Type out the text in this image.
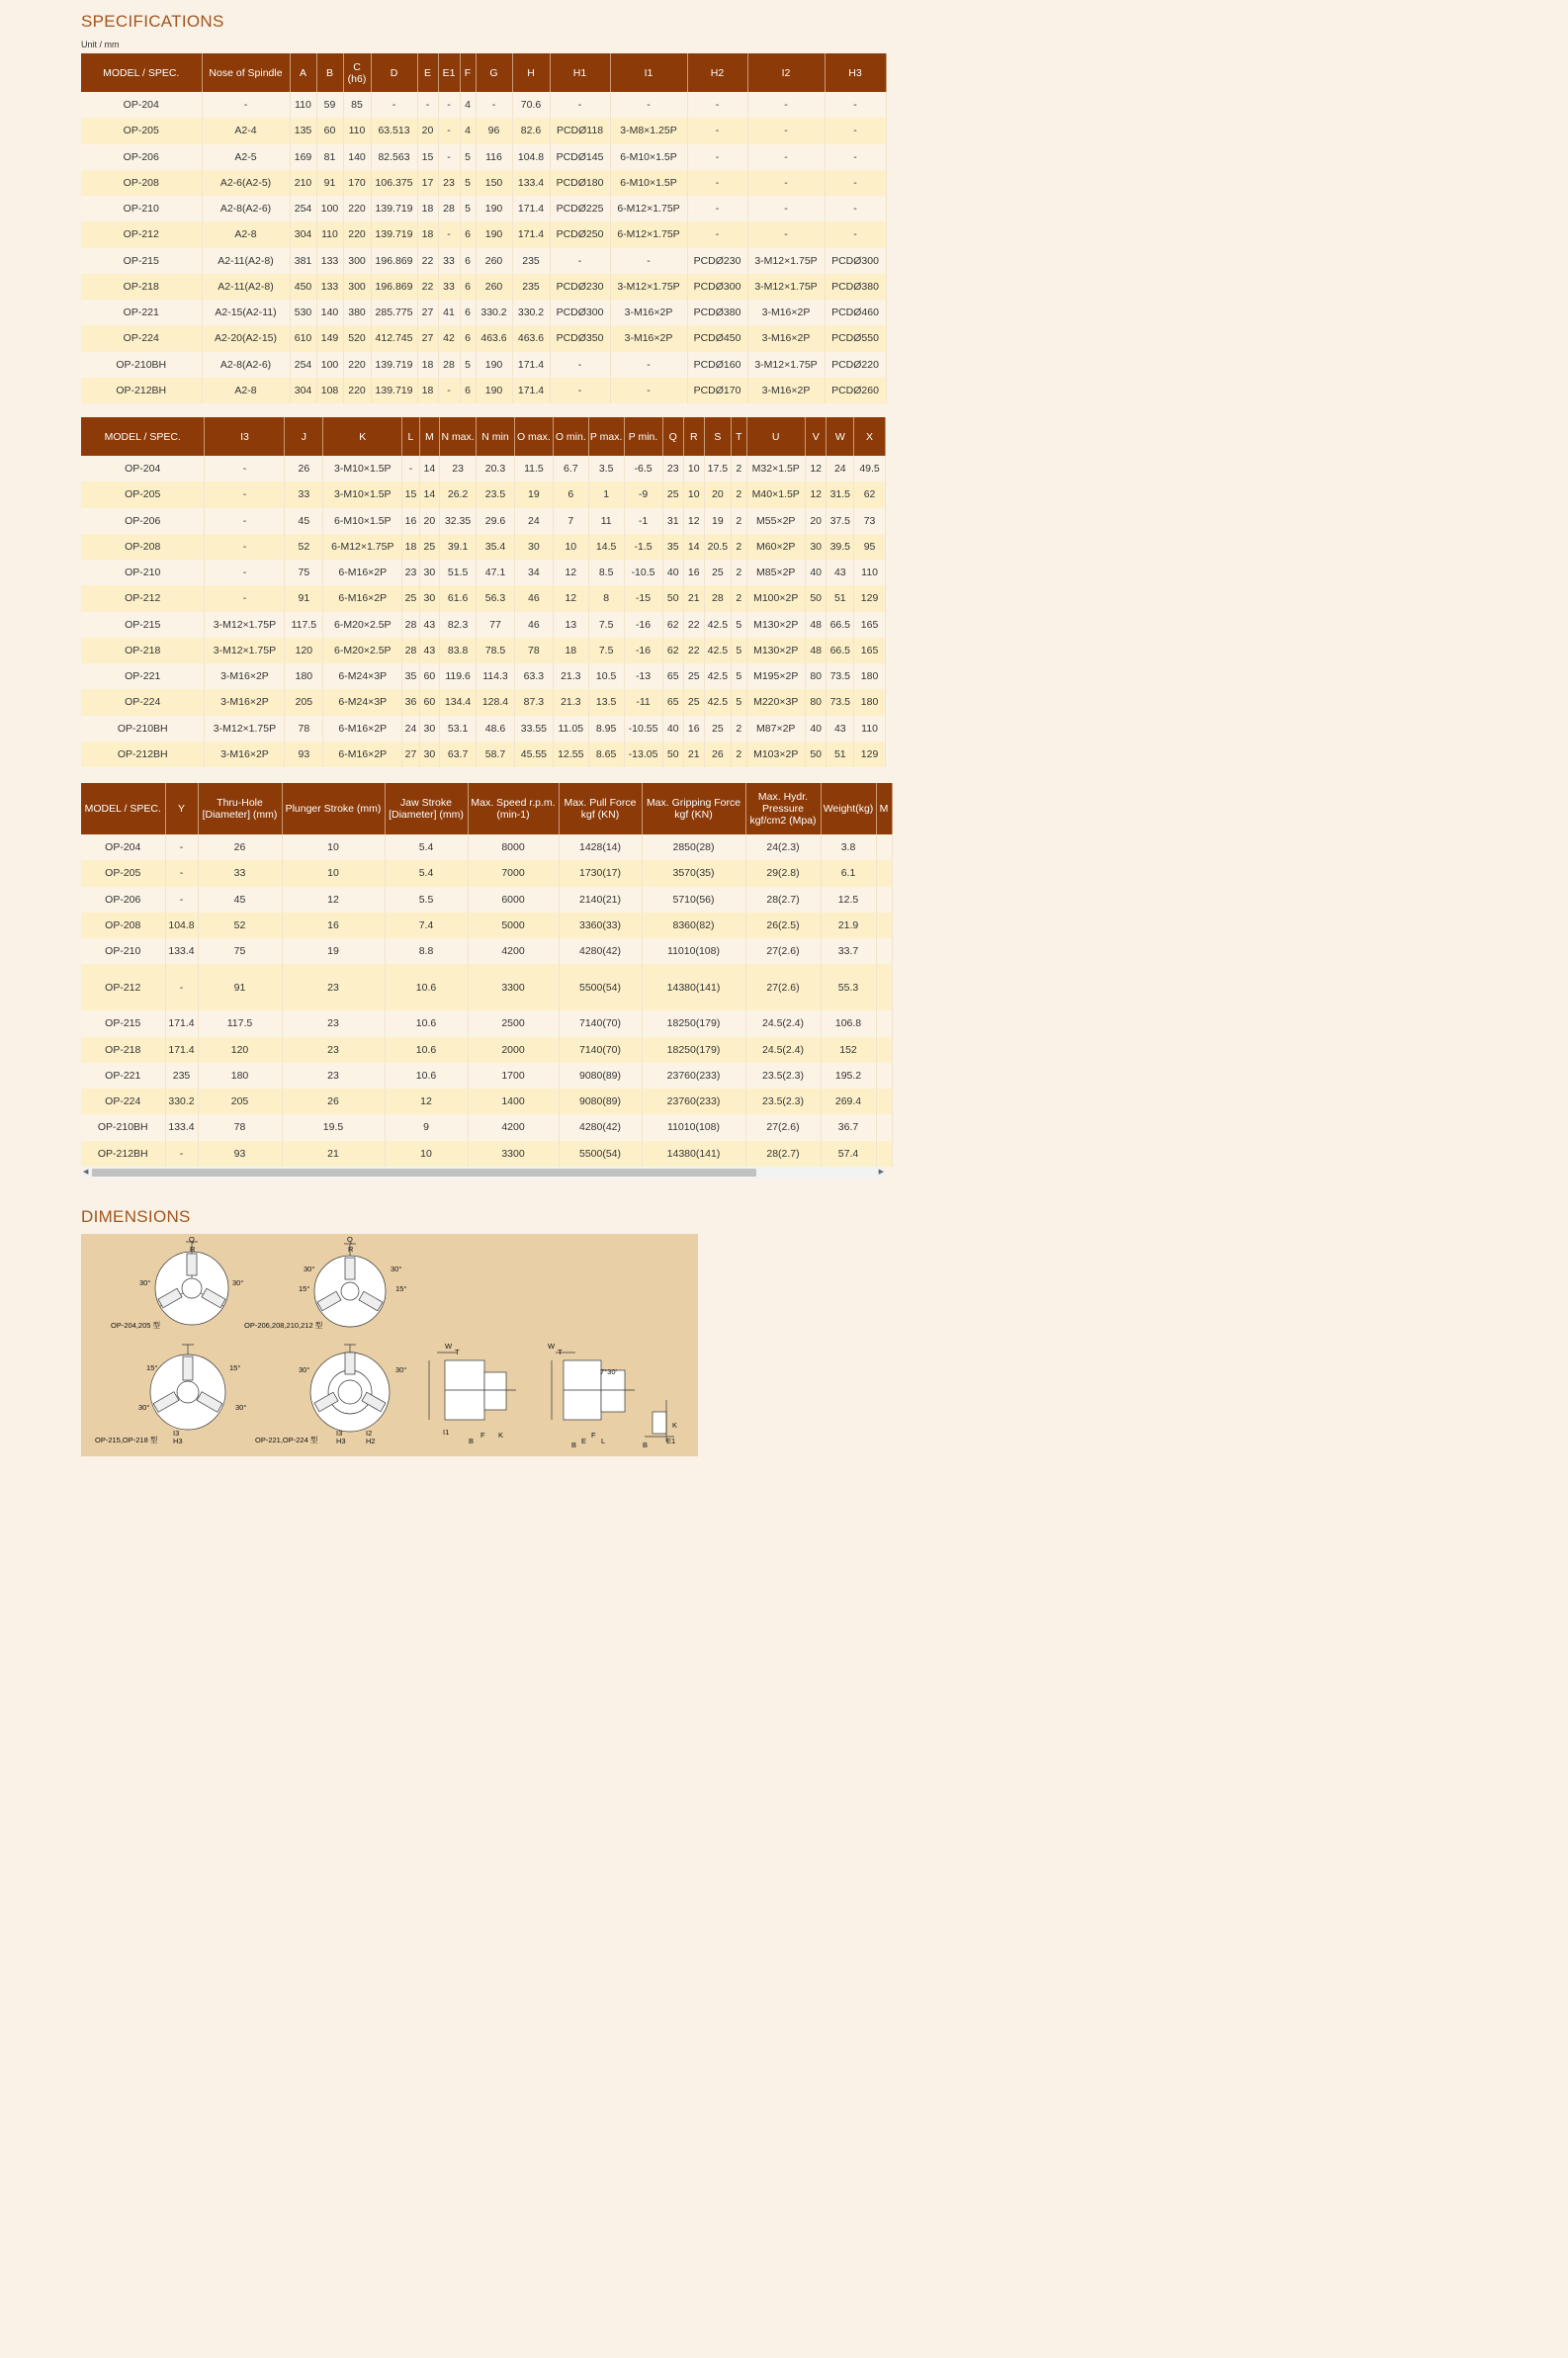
SPECIFICATIONS
Unit / mm
MODEL / SPEC.	Nose of Spindle	A	B	C (h6)	D	E	E1	F	G	H	H1	I1	H2	I2	H3
OP-204	-	110	59	85	-	-	-	4	-	70.6	-	-	-	-	-
OP-205	A2-4	135	60	110	63.513	20	-	4	96	82.6	PCDØ118	3-M8×1.25P	-	-	-
OP-206	A2-5	169	81	140	82.563	15	-	5	116	104.8	PCDØ145	6-M10×1.5P	-	-	-
OP-208	A2-6(A2-5)	210	91	170	106.375	17	23	5	150	133.4	PCDØ180	6-M10×1.5P	-	-	-
OP-210	A2-8(A2-6)	254	100	220	139.719	18	28	5	190	171.4	PCDØ225	6-M12×1.75P	-	-	-
OP-212	A2-8	304	110	220	139.719	18	-	6	190	171.4	PCDØ250	6-M12×1.75P	-	-	-
OP-215	A2-11(A2-8)	381	133	300	196.869	22	33	6	260	235	-	-	PCDØ230	3-M12×1.75P	PCDØ300
OP-218	A2-11(A2-8)	450	133	300	196.869	22	33	6	260	235	PCDØ230	3-M12×1.75P	PCDØ300	3-M12×1.75P	PCDØ380
OP-221	A2-15(A2-11)	530	140	380	285.775	27	41	6	330.2	330.2	PCDØ300	3-M16×2P	PCDØ380	3-M16×2P	PCDØ460
OP-224	A2-20(A2-15)	610	149	520	412.745	27	42	6	463.6	463.6	PCDØ350	3-M16×2P	PCDØ450	3-M16×2P	PCDØ550
OP-210BH	A2-8(A2-6)	254	100	220	139.719	18	28	5	190	171.4	-	-	PCDØ160	3-M12×1.75P	PCDØ220
OP-212BH	A2-8	304	108	220	139.719	18	-	6	190	171.4	-	-	PCDØ170	3-M16×2P	PCDØ260
MODEL / SPEC.	I3	J	K	L	M	N max.	N min	O max.	O min.	P max.	P min.	Q	R	S	T	U	V	W	X
OP-204	-	26	3-M10×1.5P	-	14	23	20.3	11.5	6.7	3.5	-6.5	23	10	17.5	2	M32×1.5P	12	24	49.5
OP-205	-	33	3-M10×1.5P	15	14	26.2	23.5	19	6	1	-9	25	10	20	2	M40×1.5P	12	31.5	62
OP-206	-	45	6-M10×1.5P	16	20	32.35	29.6	24	7	11	-1	31	12	19	2	M55×2P	20	37.5	73
OP-208	-	52	6-M12×1.75P	18	25	39.1	35.4	30	10	14.5	-1.5	35	14	20.5	2	M60×2P	30	39.5	95
OP-210	-	75	6-M16×2P	23	30	51.5	47.1	34	12	8.5	-10.5	40	16	25	2	M85×2P	40	43	110
OP-212	-	91	6-M16×2P	25	30	61.6	56.3	46	12	8	-15	50	21	28	2	M100×2P	50	51	129
OP-215	3-M12×1.75P	117.5	6-M20×2.5P	28	43	82.3	77	46	13	7.5	-16	62	22	42.5	5	M130×2P	48	66.5	165
OP-218	3-M12×1.75P	120	6-M20×2.5P	28	43	83.8	78.5	78	18	7.5	-16	62	22	42.5	5	M130×2P	48	66.5	165
OP-221	3-M16×2P	180	6-M24×3P	35	60	119.6	114.3	63.3	21.3	10.5	-13	65	25	42.5	5	M195×2P	80	73.5	180
OP-224	3-M16×2P	205	6-M24×3P	36	60	134.4	128.4	87.3	21.3	13.5	-11	65	25	42.5	5	M220×3P	80	73.5	180
OP-210BH	3-M12×1.75P	78	6-M16×2P	24	30	53.1	48.6	33.55	11.05	8.95	-10.55	40	16	25	2	M87×2P	40	43	110
OP-212BH	3-M16×2P	93	6-M16×2P	27	30	63.7	58.7	45.55	12.55	8.65	-13.05	50	21	26	2	M103×2P	50	51	129
MODEL / SPEC.	Y	Thru-Hole [Diameter] (mm)	Plunger Stroke (mm)	Jaw Stroke [Diameter] (mm)	Max. Speed r.p.m. (min-1)	Max. Pull Force kgf (KN)	Max. Gripping Force kgf (KN)	Max. Hydr. Pressure kgf/cm2 (Mpa)	Weight(kg)	M
OP-204	-	26	10	5.4	8000	1428(14)	2850(28)	24(2.3)	3.8	
OP-205	-	33	10	5.4	7000	1730(17)	3570(35)	29(2.8)	6.1	
OP-206	-	45	12	5.5	6000	2140(21)	5710(56)	28(2.7)	12.5	
OP-208	104.8	52	16	7.4	5000	3360(33)	8360(82)	26(2.5)	21.9	
OP-210	133.4	75	19	8.8	4200	4280(42)	11010(108)	27(2.6)	33.7	
OP-212	-	91	23	10.6	3300	5500(54)	14380(141)	27(2.6)	55.3	
OP-215	171.4	117.5	23	10.6	2500	7140(70)	18250(179)	24.5(2.4)	106.8	
OP-218	171.4	120	23	10.6	2000	7140(70)	18250(179)	24.5(2.4)	152	
OP-221	235	180	23	10.6	1700	9080(89)	23760(233)	23.5(2.3)	195.2	
OP-224	330.2	205	26	12	1400	9080(89)	23760(233)	23.5(2.3)	269.4	
OP-210BH	133.4	78	19.5	9	4200	4280(42)	11010(108)	27(2.6)	36.7	
OP-212BH	-	93	21	10	3300	5500(54)	14380(141)	28(2.7)	57.4	
◀	▶
DIMENSIONS
OP-204,205 型	OP-206,208,210,212 型
OP-215,OP-218 型	OP-221,OP-224 型
30°	30°
30°	30°
15°	15°
15°	15°
30°	30°
30°	30°
Q	Q
R	R
I3
H3
I3
H3
I2
H2
W
T
W
T
B
F K
I1
B E
F
L	B	E1
K
7°30'
